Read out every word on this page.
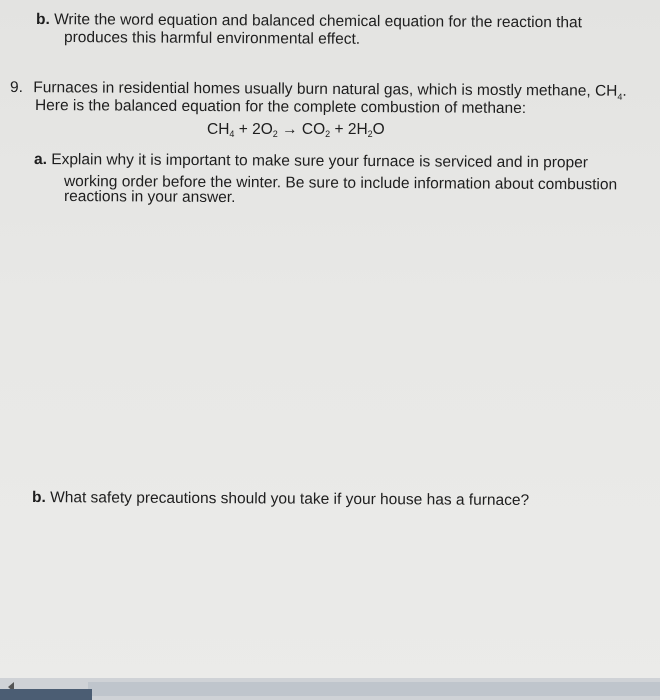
b. Write the word equation and balanced chemical equation for the reaction that
produces this harmful environmental effect.
9. Furnaces in residential homes usually burn natural gas, which is mostly methane, $CH_4$.
Here is the balanced equation for the complete combustion of methane:
$CH_4 + 2O_2 \to CO_2 + 2H_2O$
a. Explain why it is important to make sure your furnace is serviced and in proper
working order before the winter. Be sure to include information about combustion
reactions in your answer.
b. What safety precautions should you take if your house has a furnace?
